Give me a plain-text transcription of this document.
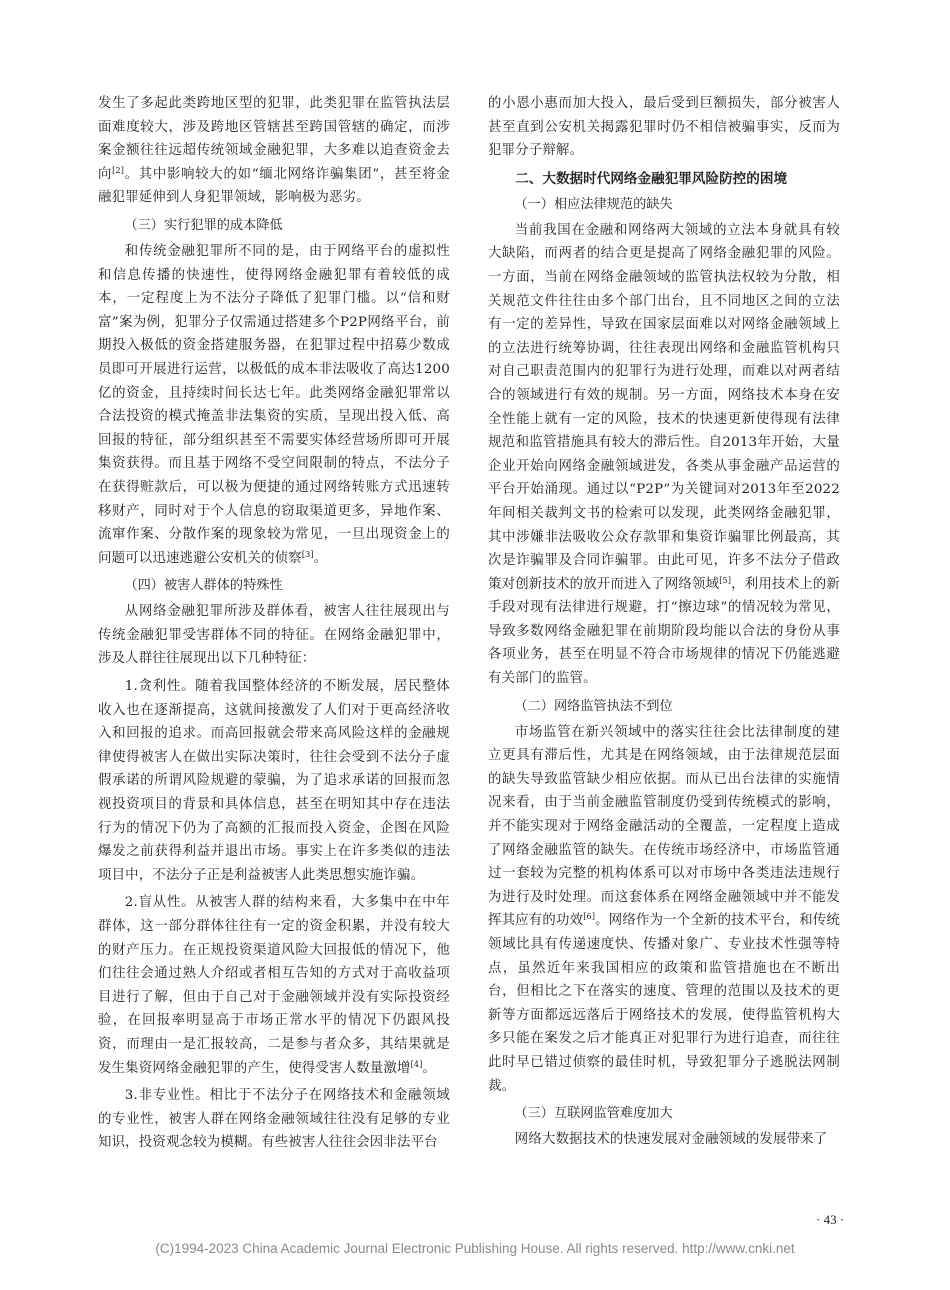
发生了多起此类跨地区型的犯罪，此类犯罪在监管执法层面难度较大，涉及跨地区管辖甚至跨国管辖的确定，而涉案金额往往远超传统领域金融犯罪，大多难以追查资金去向[2]。其中影响较大的如“缅北网络诈骗集团”，甚至将金融犯罪延伸到人身犯罪领域，影响极为恶劣。

（三）实行犯罪的成本降低

和传统金融犯罪所不同的是，由于网络平台的虚拟性和信息传播的快速性，使得网络金融犯罪有着较低的成本，一定程度上为不法分子降低了犯罪门槛。以“信和财富”案为例，犯罪分子仅需通过搭建多个P2P网络平台，前期投入极低的资金搭建服务器，在犯罪过程中招募少数成员即可开展进行运营，以极低的成本非法吸收了高达1200亿的资金，且持续时间长达七年。此类网络金融犯罪常以合法投资的模式掩盖非法集资的实质，呈现出投入低、高回报的特征，部分组织甚至不需要实体经营场所即可开展集资获得。而且基于网络不受空间限制的特点，不法分子在获得赃款后，可以极为便捷的通过网络转账方式迅速转移财产，同时对于个人信息的窃取渠道更多，异地作案、流窜作案、分散作案的现象较为常见，一旦出现资金上的问题可以迅速逃避公安机关的侦察[3]。

（四）被害人群体的特殊性

从网络金融犯罪所涉及群体看，被害人往往展现出与传统金融犯罪受害群体不同的特征。在网络金融犯罪中，涉及人群往往展现出以下几种特征：

1.贪利性。随着我国整体经济的不断发展，居民整体收入也在逐渐提高，这就间接激发了人们对于更高经济收入和回报的追求。而高回报就会带来高风险这样的金融规律使得被害人在做出实际决策时，往往会受到不法分子虚假承诺的所谓风险规避的蒙骗，为了追求承诺的回报而忽视投资项目的背景和具体信息，甚至在明知其中存在违法行为的情况下仍为了高额的汇报而投入资金，企图在风险爆发之前获得利益并退出市场。事实上在许多类似的违法项目中，不法分子正是利益被害人此类思想实施诈骗。

2.盲从性。从被害人群的结构来看，大多集中在中年群体，这一部分群体往往有一定的资金积累，并没有较大的财产压力。在正规投资渠道风险大回报低的情况下，他们往往会通过熟人介绍或者相互告知的方式对于高收益项目进行了解，但由于自己对于金融领域并没有实际投资经验，在回报率明显高于市场正常水平的情况下仍跟风投资，而理由一是汇报较高，二是参与者众多，其结果就是发生集资网络金融犯罪的产生，使得受害人数量激增[4]。

3.非专业性。相比于不法分子在网络技术和金融领域的专业性，被害人群在网络金融领域往往没有足够的专业知识，投资观念较为模糊。有些被害人往往会因非法平台

的小恩小惠而加大投入，最后受到巨额损失，部分被害人甚至直到公安机关揭露犯罪时仍不相信被骗事实，反而为犯罪分子辩解。

二、大数据时代网络金融犯罪风险防控的困境

（一）相应法律规范的缺失

当前我国在金融和网络两大领域的立法本身就具有较大缺陷，而两者的结合更是提高了网络金融犯罪的风险。一方面，当前在网络金融领域的监管执法权较为分散，相关规范文件往往由多个部门出台，且不同地区之间的立法有一定的差异性，导致在国家层面难以对网络金融领域上的立法进行统筹协调，往往表现出网络和金融监管机构只对自己职责范围内的犯罪行为进行处理，而难以对两者结合的领域进行有效的规制。另一方面，网络技术本身在安全性能上就有一定的风险，技术的快速更新使得现有法律规范和监管措施具有较大的滞后性。自2013年开始，大量企业开始向网络金融领域进发，各类从事金融产品运营的平台开始涌现。通过以“P2P”为关键词对2013年至2022年间相关裁判文书的检索可以发现，此类网络金融犯罪，其中涉嫌非法吸收公众存款罪和集资诈骗罪比例最高，其次是诈骗罪及合同诈骗罪。由此可见，许多不法分子借政策对创新技术的放开而进入了网络领域[5]，利用技术上的新手段对现有法律进行规避，打“擦边球”的情况较为常见，导致多数网络金融犯罪在前期阶段均能以合法的身份从事各项业务，甚至在明显不符合市场规律的情况下仍能逃避有关部门的监管。

（二）网络监管执法不到位

市场监管在新兴领域中的落实往往会比法律制度的建立更具有滞后性，尤其是在网络领域，由于法律规范层面的缺失导致监管缺少相应依据。而从已出台法律的实施情况来看，由于当前金融监管制度仍受到传统模式的影响，并不能实现对于网络金融活动的全覆盖，一定程度上造成了网络金融监管的缺失。在传统市场经济中，市场监管通过一套较为完整的机构体系可以对市场中各类违法违规行为进行及时处理。而这套体系在网络金融领域中并不能发挥其应有的功效[6]。网络作为一个全新的技术平台，和传统领域比具有传递速度快、传播对象广、专业技术性强等特点，虽然近年来我国相应的政策和监管措施也在不断出台，但相比之下在落实的速度、管理的范围以及技术的更新等方面都远远落后于网络技术的发展，使得监管机构大多只能在案发之后才能真正对犯罪行为进行追查，而往往此时早已错过侦察的最佳时机，导致犯罪分子逃脱法网制裁。

（三）互联网监管难度加大

网络大数据技术的快速发展对金融领域的发展带来了

· 43 ·
(C)1994-2023 China Academic Journal Electronic Publishing House. All rights reserved. http://www.cnki.net
